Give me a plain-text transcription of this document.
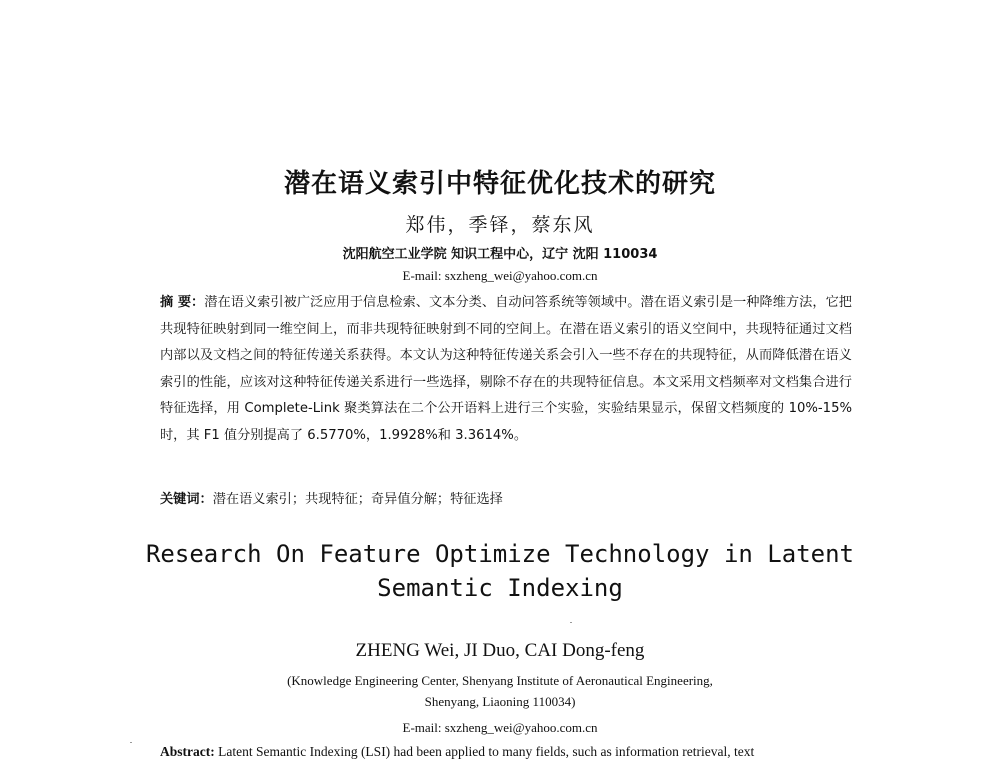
潜在语义索引中特征优化技术的研究
郑伟，季铎，蔡东风
沈阳航空工业学院 知识工程中心，辽宁 沈阳 110034
E-mail: sxzheng_wei@yahoo.com.cn
摘 要：潜在语义索引被广泛应用于信息检索、文本分类、自动问答系统等领域中。潜在语义索引是一种降维方法，它把共现特征映射到同一维空间上，而非共现特征映射到不同的空间上。在潜在语义索引的语义空间中，共现特征通过文档内部以及文档之间的特征传递关系获得。本文认为这种特征传递关系会引入一些不存在的共现特征，从而降低潜在语义索引的性能，应该对这种特征传递关系进行一些选择，剔除不存在的共现特征信息。本文采用文档频率对文档集合进行特征选择，用 Complete-Link 聚类算法在二个公开语料上进行三个实验，实验结果显示，保留文档频度的 10%-15%时，其 F1 值分别提高了 6.5770%，1.9928%和 3.3614%。
关键词：潜在语义索引；共现特征；奇异值分解；特征选择
Research On Feature Optimize Technology in Latent
Semantic Indexing
ZHENG Wei, JI Duo, CAI Dong-feng
(Knowledge Engineering Center, Shenyang Institute of Aeronautical Engineering,
Shenyang, Liaoning 110034)
E-mail: sxzheng_wei@yahoo.com.cn
Abstract: Latent Semantic Indexing (LSI) had been applied to many fields, such as information retrieval, text
